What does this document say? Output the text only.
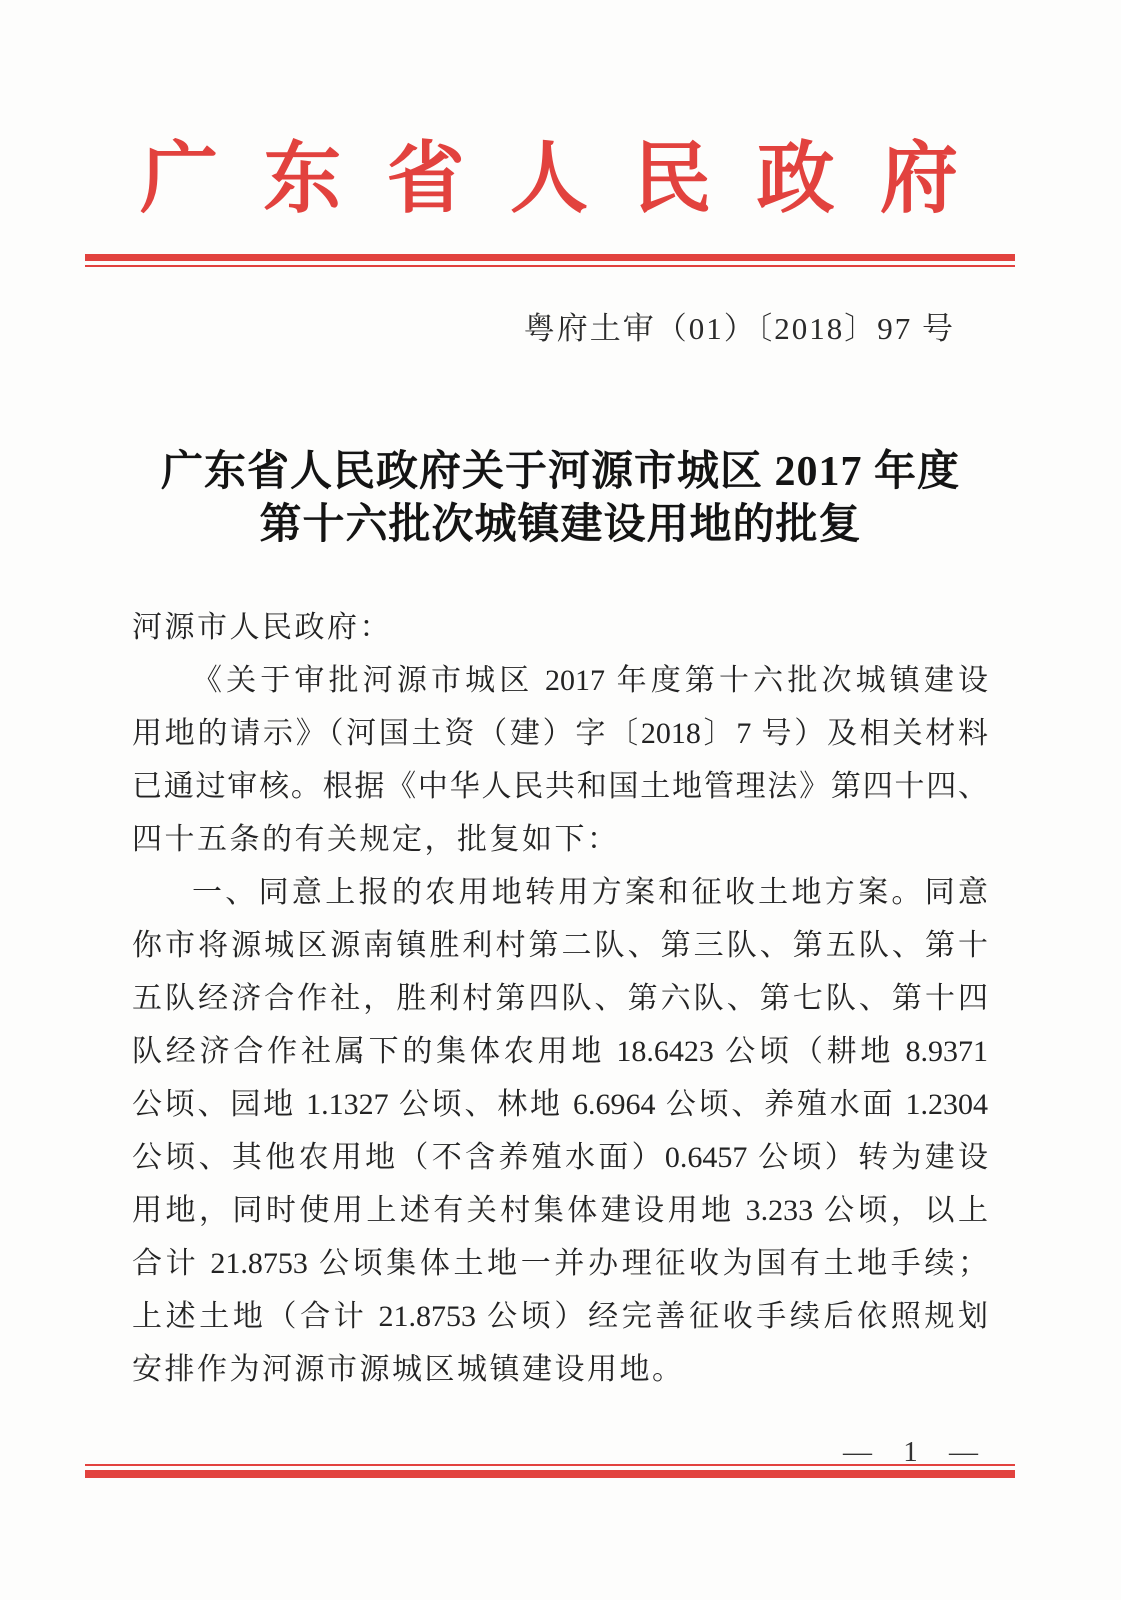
广 东 省 人 民 政 府
粤府土审（01）〔2018〕97 号
广东省人民政府关于河源市城区 2017 年度
第十六批次城镇建设用地的批复
河源市人民政府：
《关于审批河源市城区 2017 年度第十六批次城镇建设
用地的请示》（河国土资（建）字〔2018〕7 号）及相关材料
已通过审核。根据《中华人民共和国土地管理法》第四十四、
四十五条的有关规定，批复如下：
一、同意上报的农用地转用方案和征收土地方案。同意
你市将源城区源南镇胜利村第二队、第三队、第五队、第十
五队经济合作社，胜利村第四队、第六队、第七队、第十四
队经济合作社属下的集体农用地 18.6423 公顷（耕地 8.9371
公顷、园地 1.1327 公顷、林地 6.6964 公顷、养殖水面 1.2304
公顷、其他农用地（不含养殖水面）0.6457 公顷）转为建设
用地，同时使用上述有关村集体建设用地 3.233 公顷，以上
合计 21.8753 公顷集体土地一并办理征收为国有土地手续；
上述土地（合计 21.8753 公顷）经完善征收手续后依照规划
安排作为河源市源城区城镇建设用地。
— 1 —
